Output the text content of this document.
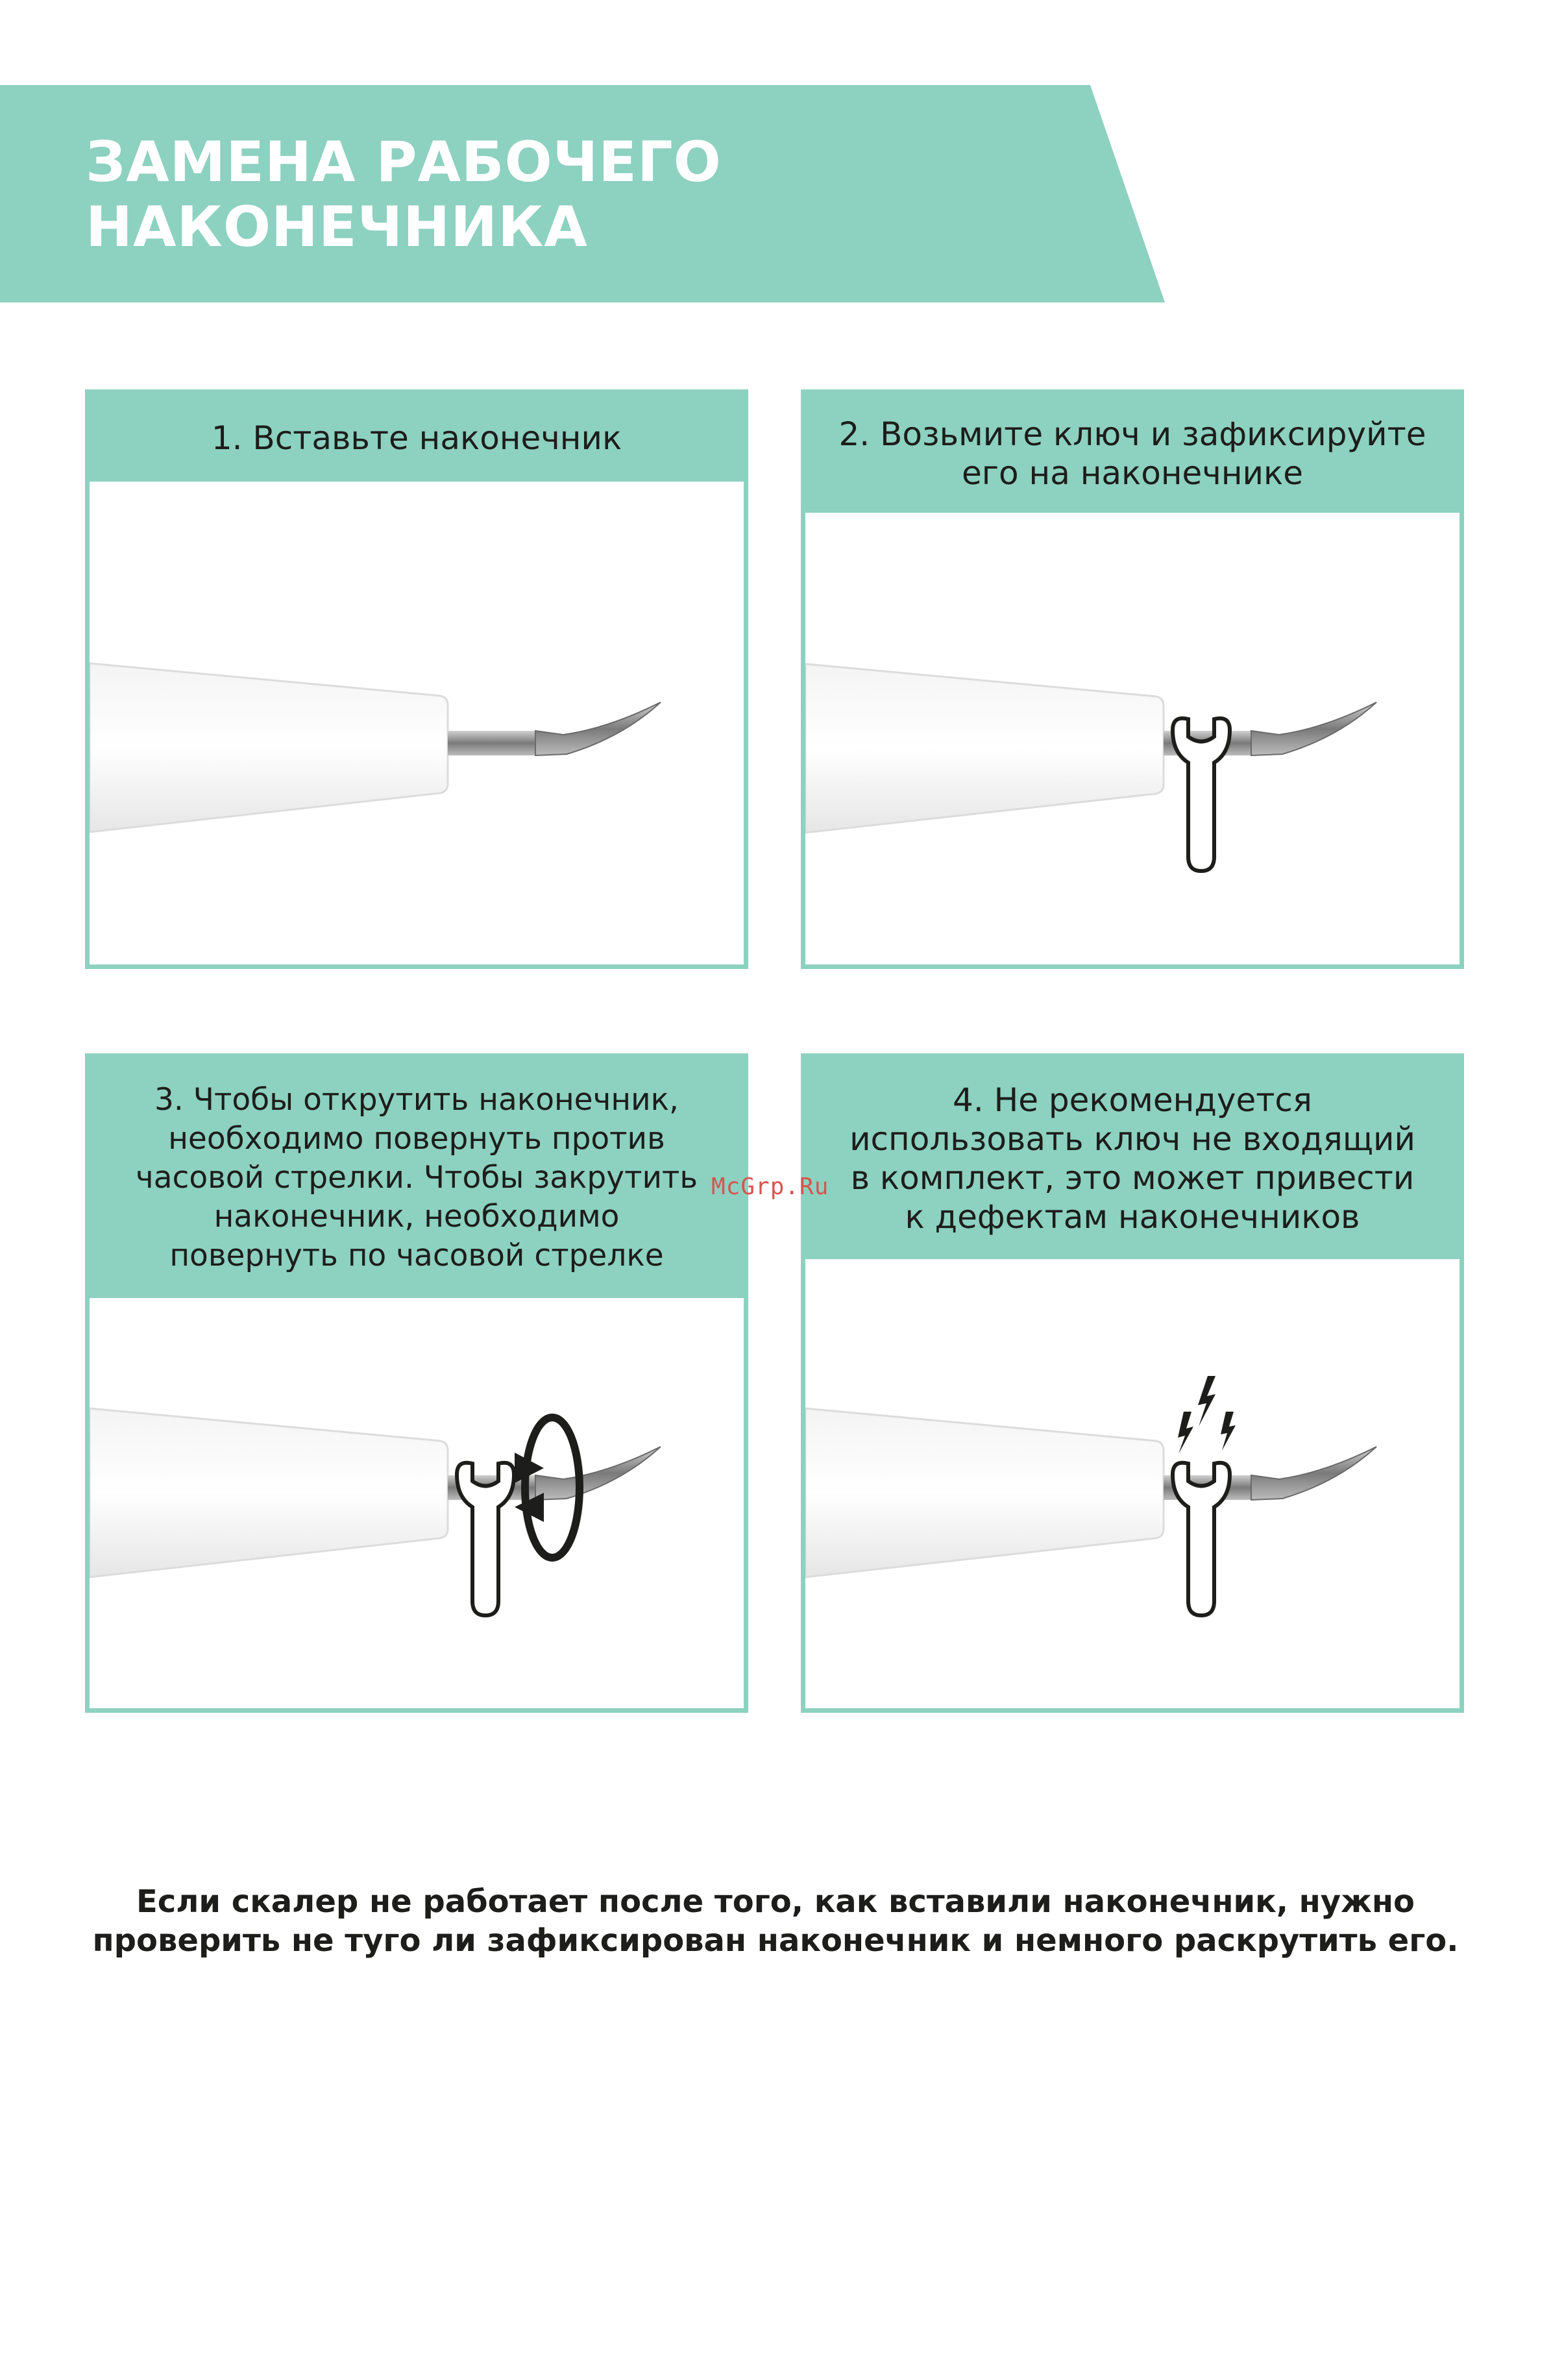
ЗАМЕНА РАБОЧЕГО
НАКОНЕЧНИКА
1. Вставьте наконечник	2. Возьмите ключ и зафиксируйте
его на наконечнике
3. Чтобы открутить наконечник,
необходимо повернуть против
часовой стрелки. Чтобы закрутить
наконечник, необходимо
повернуть по часовой стрелке
4. Не рекомендуется
использовать ключ не входящий
в комплект, это может привести
к дефектам наконечников
McGrp.Ru
Если скалер не работает после того, как вставили наконечник, нужно
проверить не туго ли зафиксирован наконечник и немного раскрутить его.
